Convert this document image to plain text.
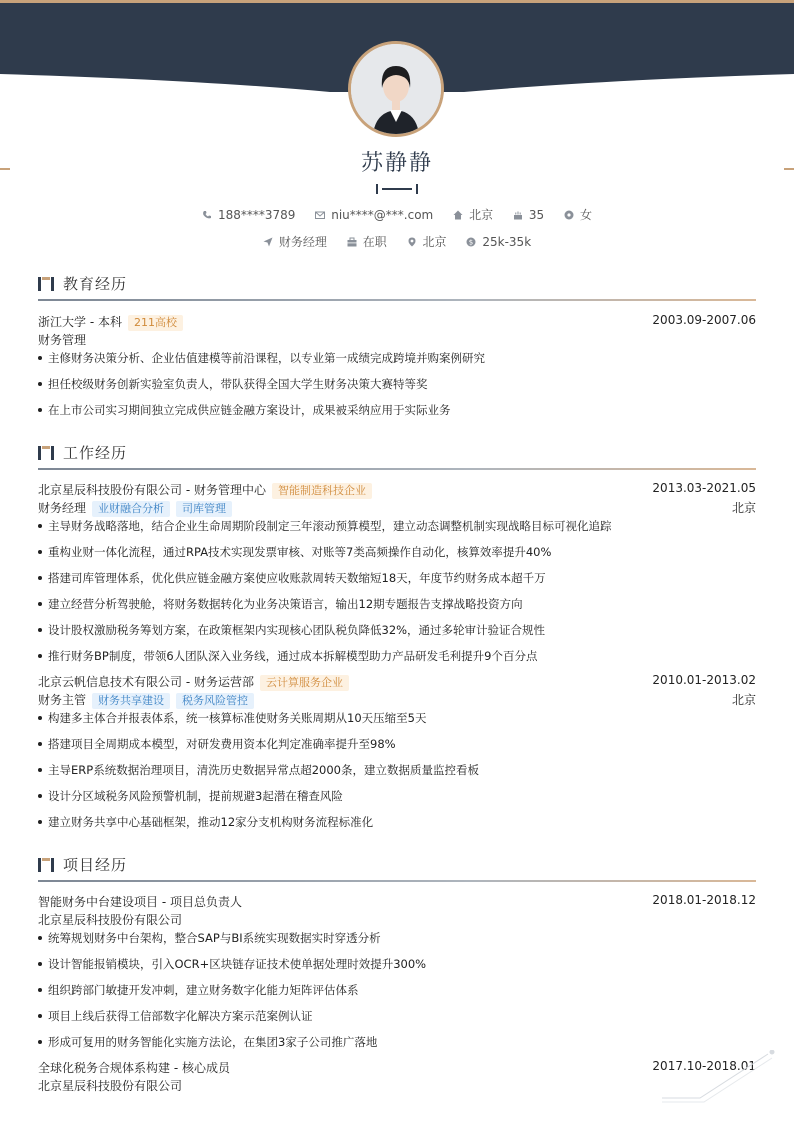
苏静静
188****3789	niu****@***.com	北京	35	女
财务经理	在职	北京	$ 25k-35k
教育经历
浙江大学 - 本科 211高校	2003.09-2007.06
财务管理
主修财务决策分析、企业估值建模等前沿课程，以专业第一成绩完成跨境并购案例研究
担任校级财务创新实验室负责人，带队获得全国大学生财务决策大赛特等奖
在上市公司实习期间独立完成供应链金融方案设计，成果被采纳应用于实际业务
工作经历
北京星辰科技股份有限公司 - 财务管理中心 智能制造科技企业	2013.03-2021.05
财务经理 业财融合分析 司库管理	北京
主导财务战略落地，结合企业生命周期阶段制定三年滚动预算模型，建立动态调整机制实现战略目标可视化追踪
重构业财一体化流程，通过RPA技术实现发票审核、对账等7类高频操作自动化，核算效率提升40%
搭建司库管理体系，优化供应链金融方案使应收账款周转天数缩短18天，年度节约财务成本超千万
建立经营分析驾驶舱，将财务数据转化为业务决策语言，输出12期专题报告支撑战略投资方向
设计股权激励税务筹划方案，在政策框架内实现核心团队税负降低32%，通过多轮审计验证合规性
推行财务BP制度，带领6人团队深入业务线，通过成本拆解模型助力产品研发毛利提升9个百分点
北京云帆信息技术有限公司 - 财务运营部 云计算服务企业	2010.01-2013.02
财务主管 财务共享建设 税务风险管控	北京
构建多主体合并报表体系，统一核算标准使财务关账周期从10天压缩至5天
搭建项目全周期成本模型，对研发费用资本化判定准确率提升至98%
主导ERP系统数据治理项目，清洗历史数据异常点超2000条，建立数据质量监控看板
设计分区域税务风险预警机制，提前规避3起潜在稽查风险
建立财务共享中心基础框架，推动12家分支机构财务流程标准化
项目经历
智能财务中台建设项目 - 项目总负责人	2018.01-2018.12
北京星辰科技股份有限公司
统筹规划财务中台架构，整合SAP与BI系统实现数据实时穿透分析
设计智能报销模块，引入OCR+区块链存证技术使单据处理时效提升300%
组织跨部门敏捷开发冲刺，建立财务数字化能力矩阵评估体系
项目上线后获得工信部数字化解决方案示范案例认证
形成可复用的财务智能化实施方法论，在集团3家子公司推广落地
全球化税务合规体系构建 - 核心成员	2017.10-2018.01
北京星辰科技股份有限公司
